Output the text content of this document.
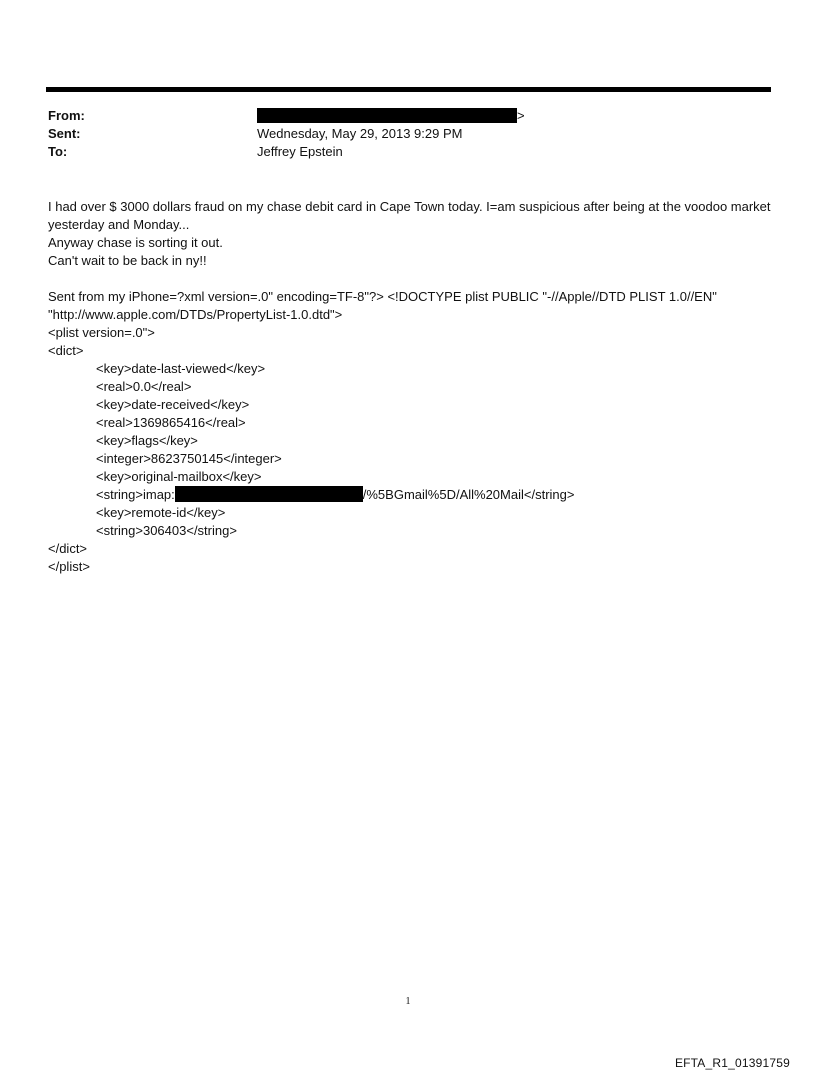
From:	>
Sent:	Wednesday, May 29, 2013 9:29 PM
To:	Jeffrey Epstein
I had over $ 3000 dollars fraud on my chase debit card in Cape Town today. I=am suspicious after being at the voodoo market yesterday and Monday...
Anyway chase is sorting it out.
Can't wait to be back in ny!!
Sent from my iPhone=?xml version=.0" encoding=TF-8"?> <!DOCTYPE plist PUBLIC "-//Apple//DTD PLIST 1.0//EN" "http://www.apple.com/DTDs/PropertyList-1.0.dtd">
<plist version=.0">
<dict>
<key>date-last-viewed</key>
<real>0.0</real>
<key>date-received</key>
<real>1369865416</real>
<key>flags</key>
<integer>8623750145</integer>
<key>original-mailbox</key>
<string>imap:	/%5BGmail%5D/All%20Mail</string>
<key>remote-id</key>
<string>306403</string>
</dict>
</plist>
1
EFTA_R1_01391759
